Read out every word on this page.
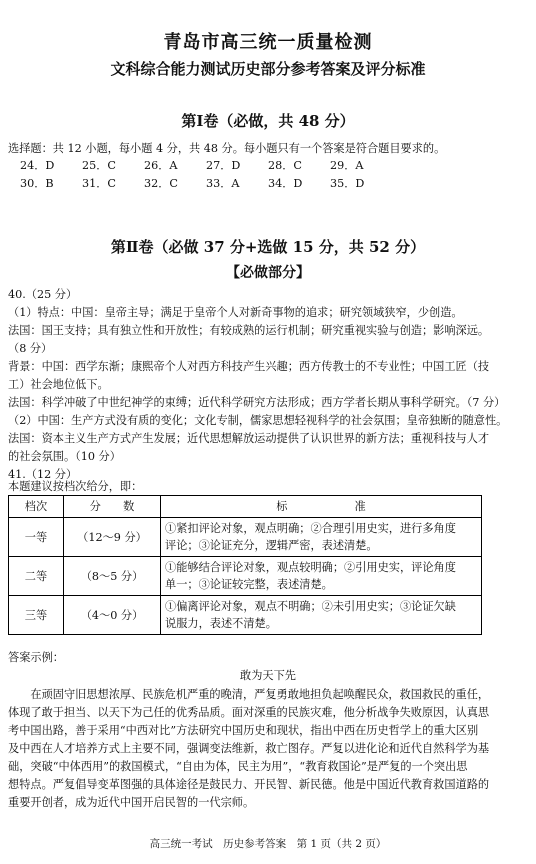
青岛市高三统一质量检测
文科综合能力测试历史部分参考答案及评分标准
第Ⅰ卷（必做，共 48 分）
选择题：共 12 小题，每小题 4 分，共 48 分。每小题只有一个答案是符合题目要求的。
24．D 25．C	26．A	27．D 28．C	29．A
30．B	31．C	32．C	33．A	34．D 35．D
第Ⅱ卷（必做 37 分+选做 15 分，共 52 分）
【必做部分】
40.（25 分）
（1）特点：中国：皇帝主导；满足于皇帝个人对新奇事物的追求；研究领域狭窄，少创造。
法国：国王支持；具有独立性和开放性；有较成熟的运行机制；研究重视实验与创造；影响深远。
（8 分）
背景：中国：西学东渐；康熙帝个人对西方科技产生兴趣；西方传教士的不专业性；中国工匠（技
工）社会地位低下。
法国：科学冲破了中世纪神学的束缚；近代科学研究方法形成；西方学者长期从事科学研究。（7 分）
（2）中国：生产方式没有质的变化；文化专制，儒家思想轻视科学的社会氛围；皇帝独断的随意性。
法国：资本主义生产方式产生发展；近代思想解放运动提供了认识世界的新方法；重视科技与人才
的社会氛围。（10 分）
41.（12 分）
本题建议按档次给分，即：
档次	分　　数	标　　　　　　准
一等	（12～9 分）	①紧扣评论对象，观点明确；②合理引用史实，进行多角度
评论；③论证充分，逻辑严密，表述清楚。

二等	（8～5 分）	①能够结合评论对象，观点较明确；②引用史实，评论角度
单一；③论证较完整，表述清楚。

三等	（4～0 分）	①偏离评论对象，观点不明确；②未引用史实；③论证欠缺
说服力，表述不清楚。
答案示例：
敢为天下先
　　在顽固守旧思想浓厚、民族危机严重的晚清，严复勇敢地担负起唤醒民众，救国救民的重任，
体现了敢于担当、以天下为己任的优秀品质。面对深重的民族灾难，他分析战争失败原因，认真思
考中国出路，善于采用“中西对比”方法研究中国历史和现状，指出中西在历史哲学上的重大区别
及中西在人才培养方式上主要不同，强调变法维新，救亡图存。严复以进化论和近代自然科学为基
础，突破“中体西用”的救国模式，“自由为体，民主为用”，“教育救国论”是严复的一个突出思
想特点。严复倡导变革图强的具体途径是鼓民力、开民智、新民德。他是中国近代教育救国道路的
重要开创者，成为近代中国开启民智的一代宗师。
高三统一考试　历史参考答案　第 1 页（共 2 页）
